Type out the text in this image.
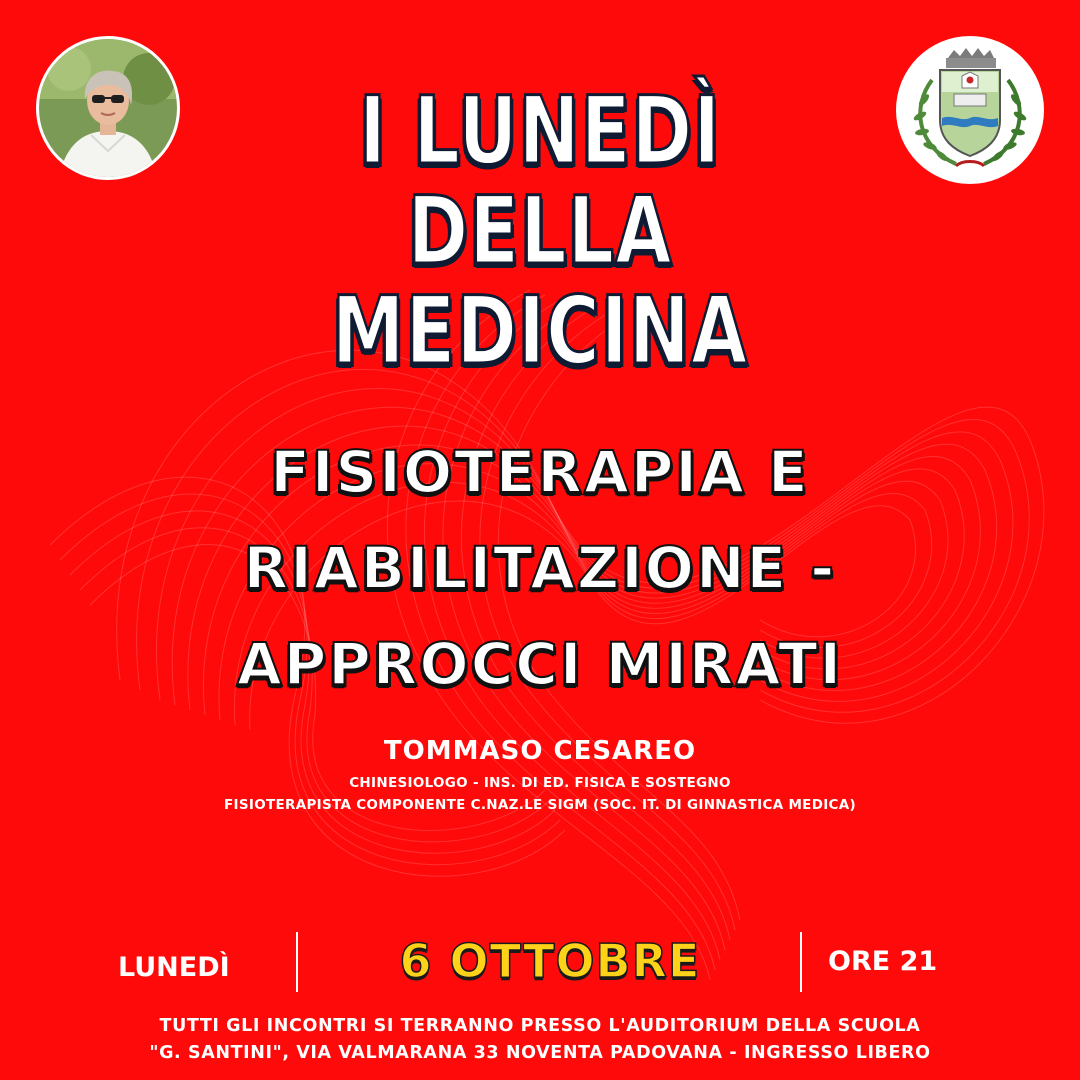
I LUNEDÌ DELLA
MEDICINA
FISIOTERAPIA E
RIABILITAZIONE -
APPROCCI MIRATI
TOMMASO CESAREO
CHINESIOLOGO - INS. DI ED. FISICA E SOSTEGNO
FISIOTERAPISTA COMPONENTE C.NAZ.LE SIGM (SOC. IT. DI GINNASTICA MEDICA)
LUNEDÌ	6 OTTOBRE	ORE 21
TUTTI GLI INCONTRI SI TERRANNO PRESSO L'AUDITORIUM DELLA SCUOLA
"G. SANTINI", VIA VALMARANA 33 NOVENTA PADOVANA - INGRESSO LIBERO
